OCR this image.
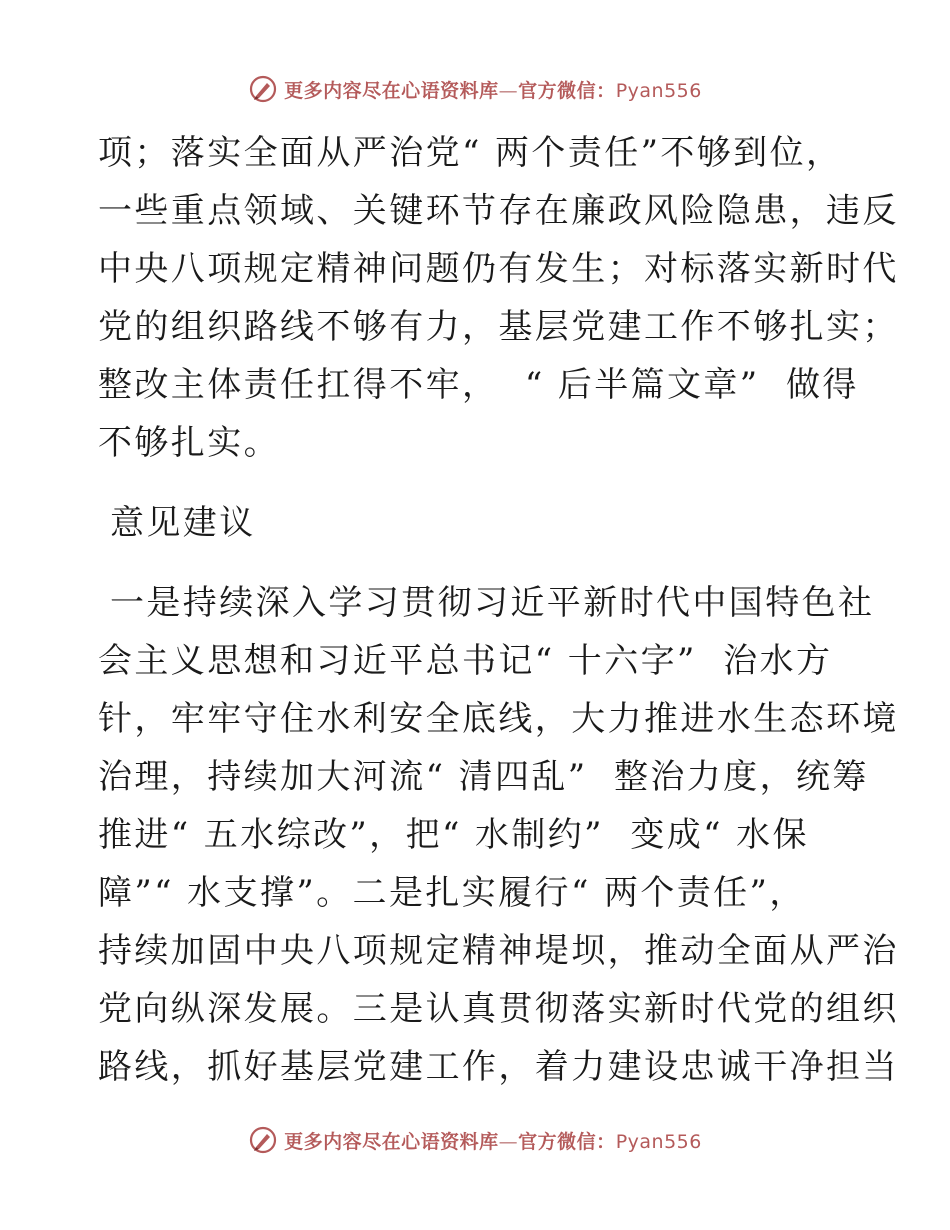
更多内容尽在心语资料库—官方微信：Pyan556
项；落实全面从严治党“ 两个责任”不够到位，
一些重点领域、关键环节存在廉政风险隐患，违反
中央八项规定精神问题仍有发生；对标落实新时代
党的组织路线不够有力，基层党建工作不够扎实；
整改主体责任扛得不牢，  “ 后半篇文章”  做得
不够扎实。
意见建议
一是持续深入学习贯彻习近平新时代中国特色社
会主义思想和习近平总书记“ 十六字”  治水方
针，牢牢守住水利安全底线，大力推进水生态环境
治理，持续加大河流“ 清四乱”  整治力度，统筹
推进“ 五水综改”，把“ 水制约”  变成“ 水保
障”“ 水支撑”。二是扎实履行“ 两个责任”，
持续加固中央八项规定精神堤坝，推动全面从严治
党向纵深发展。三是认真贯彻落实新时代党的组织
路线，抓好基层党建工作，着力建设忠诚干净担当
更多内容尽在心语资料库—官方微信：Pyan556
